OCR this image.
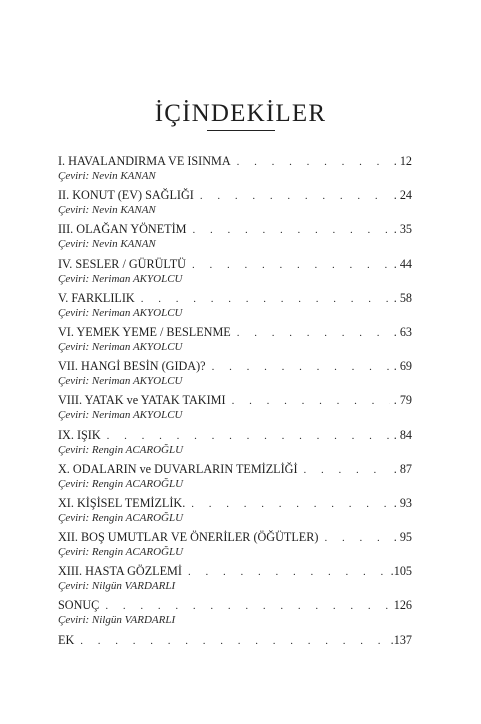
İÇİNDEKİLER
I. HAVALANDIRMA VE ISINMA . . .	. 12
Çeviri: Nevin KANAN
II. KONUT (EV) SAĞLIĞI . . .	. 24
Çeviri: Nevin KANAN
III. OLAĞAN YÖNETİM . . .	. 35
Çeviri: Nevin KANAN
IV. SESLER / GÜRÜLTÜ . . .	. 44
Çeviri: Neriman AKYOLCU
V. FARKLILIK . . .	. 58
Çeviri: Neriman AKYOLCU
VI. YEMEK YEME / BESLENME . . .	. 63
Çeviri: Neriman AKYOLCU
VII. HANGİ BESİN (GIDA)? . . .	. 69
Çeviri: Neriman AKYOLCU
VIII. YATAK ve YATAK TAKIMI . . .	. 79
Çeviri: Neriman AKYOLCU
IX. IŞIK . . .	. 84
Çeviri: Rengin ACAROĞLU
X. ODALARIN ve DUVARLARIN TEMİZLİĞİ . . .	. 87
Çeviri: Rengin ACAROĞLU
XI. KİŞİSEL TEMİZLİK. . . .	. 93
Çeviri: Rengin ACAROĞLU
XII. BOŞ UMUTLAR VE ÖNERİLER (ÖĞÜTLER) . . .	. 95
Çeviri: Rengin ACAROĞLU
XIII. HASTA GÖZLEMİ . . .	.105
Çeviri: Nilgün VARDARLI
SONUÇ . . .	126
Çeviri: Nilgün VARDARLI
EK . . .	.137
